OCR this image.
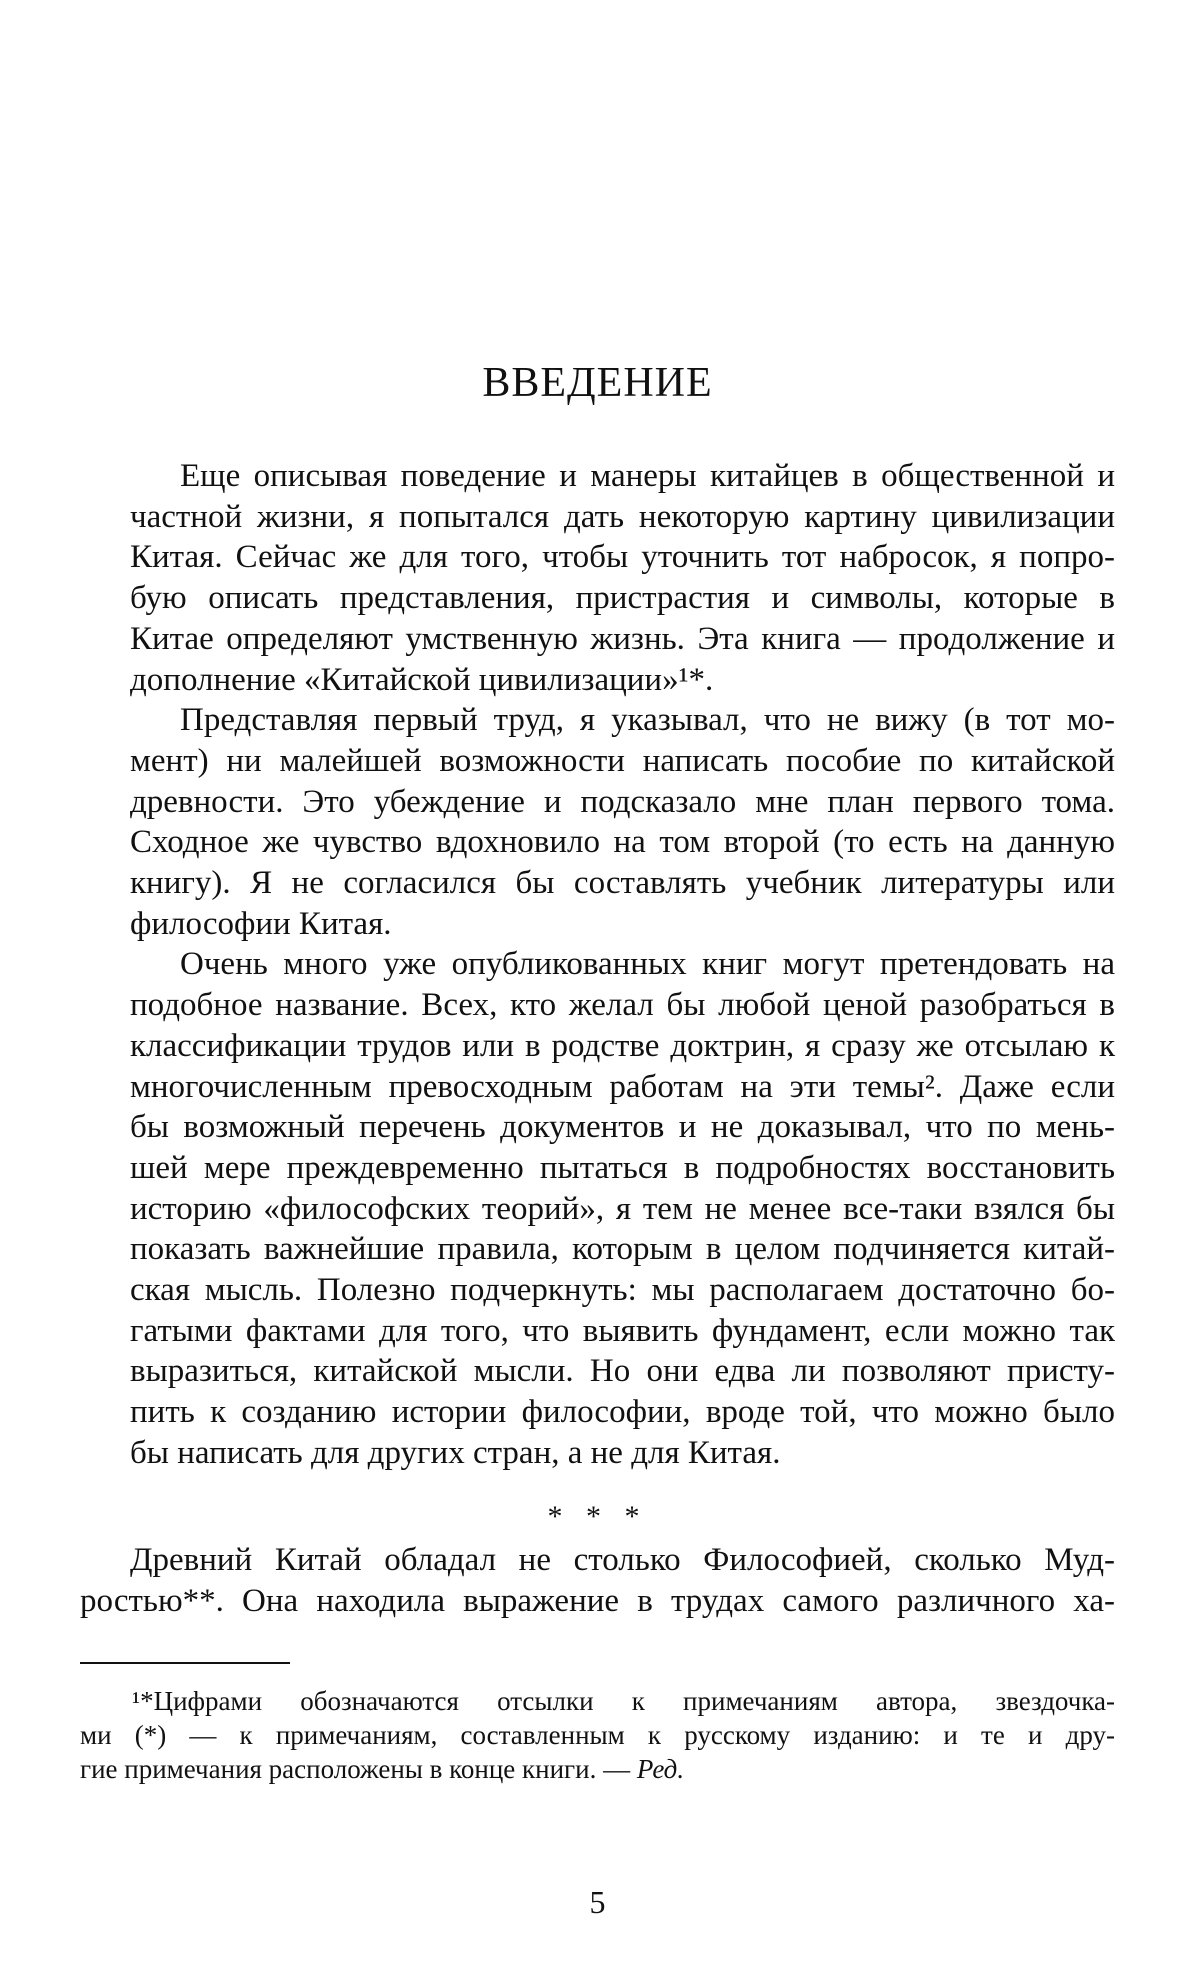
ВВЕДЕНИЕ

Еще описывая поведение и манеры китайцев в общественной и
частной жизни, я попытался дать некоторую картину цивилизации
Китая. Сейчас же для того, чтобы уточнить тот набросок, я попро-
бую описать представления, пристрастия и символы, которые в
Китае определяют умственную жизнь. Эта книга — продолжение и
дополнение «Китайской цивилизации»¹*.

Представляя первый труд, я указывал, что не вижу (в тот мо-
мент) ни малейшей возможности написать пособие по китайской
древности. Это убеждение и подсказало мне план первого тома.
Сходное же чувство вдохновило на том второй (то есть на данную
книгу). Я не согласился бы составлять учебник литературы или
философии Китая.

Очень много уже опубликованных книг могут претендовать на
подобное название. Всех, кто желал бы любой ценой разобраться в
классификации трудов или в родстве доктрин, я сразу же отсылаю к
многочисленным превосходным работам на эти темы². Даже если
бы возможный перечень документов и не доказывал, что по мень-
шей мере преждевременно пытаться в подробностях восстановить
историю «философских теорий», я тем не менее все-таки взялся бы
показать важнейшие правила, которым в целом подчиняется китай-
ская мысль. Полезно подчеркнуть: мы располагаем достаточно бо-
гатыми фактами для того, что выявить фундамент, если можно так
выразиться, китайской мысли. Но они едва ли позволяют присту-
пить к созданию истории философии, вроде той, что можно было
бы написать для других стран, а не для Китая.

* * *
Древний Китай обладал не столько Философией, сколько Муд-
ростью**. Она находила выражение в трудах самого различного ха-
¹*Цифрами обозначаются отсылки к примечаниям автора, звездочка-
ми (*) — к примечаниям, составленным к русскому изданию: и те и дру-
гие примечания расположены в конце книги. — Ред.
5
